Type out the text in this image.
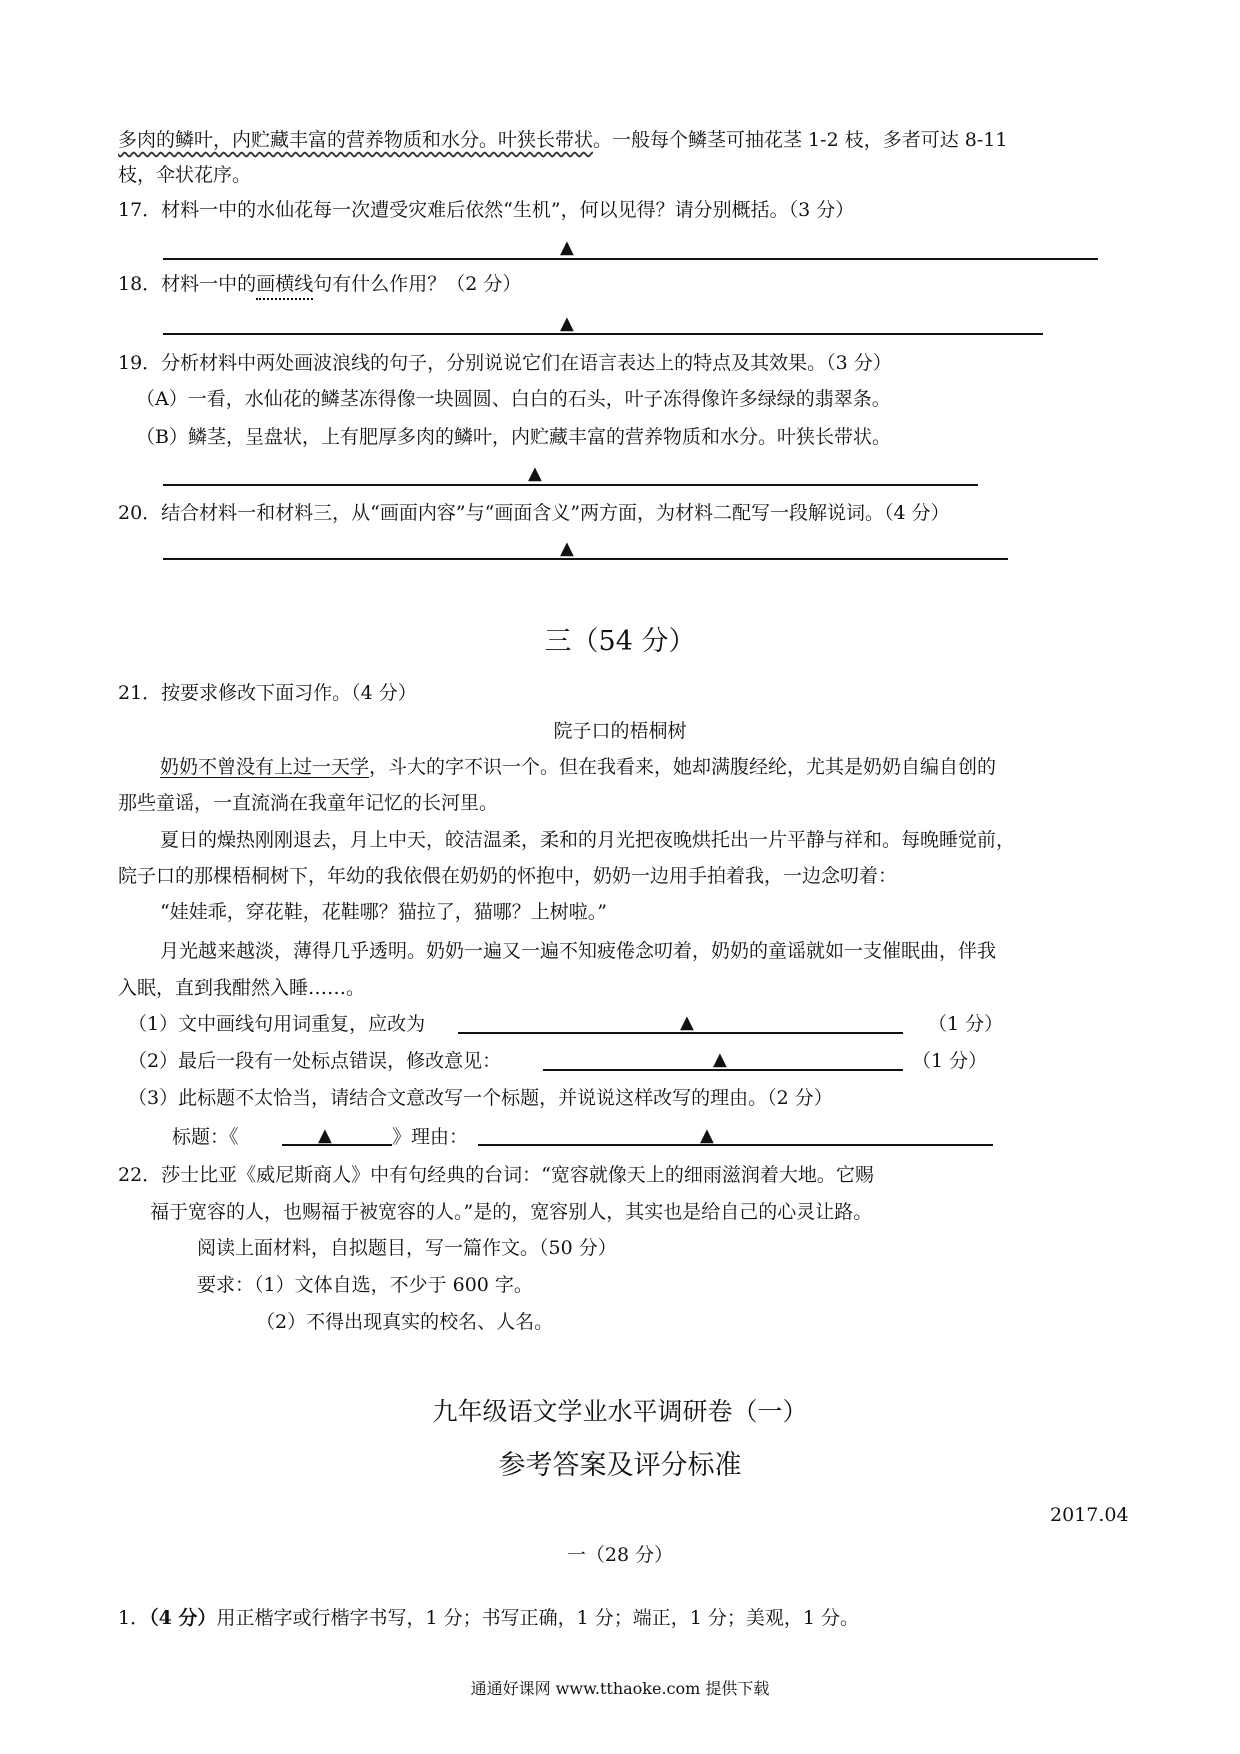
多肉的鳞叶，内贮藏丰富的营养物质和水分。叶狭长带状。一般每个鳞茎可抽花茎 1-2 枝，多者可达 8-11
枝，伞状花序。
17．材料一中的水仙花每一次遭受灾难后依然“生机”，何以见得？请分别概括。（3 分）
▲
18．材料一中的画横线句有什么作用？（2 分）
▲
19．分析材料中两处画波浪线的句子，分别说说它们在语言表达上的特点及其效果。（3 分）
（A）一看，水仙花的鳞茎冻得像一块圆圆、白白的石头，叶子冻得像许多绿绿的翡翠条。
（B）鳞茎，呈盘状，上有肥厚多肉的鳞叶，内贮藏丰富的营养物质和水分。叶狭长带状。
▲
20．结合材料一和材料三，从“画面内容”与“画面含义”两方面，为材料二配写一段解说词。（4 分）
▲
三（54 分）
21．按要求修改下面习作。（4 分）
院子口的梧桐树
奶奶不曾没有上过一天学，斗大的字不识一个。但在我看来，她却满腹经纶，尤其是奶奶自编自创的
那些童谣，一直流淌在我童年记忆的长河里。
夏日的燥热刚刚退去，月上中天，皎洁温柔，柔和的月光把夜晚烘托出一片平静与祥和。每晚睡觉前，
院子口的那棵梧桐树下，年幼的我依偎在奶奶的怀抱中，奶奶一边用手拍着我，一边念叨着：
“娃娃乖，穿花鞋，花鞋哪？猫拉了，猫哪？上树啦。”
月光越来越淡，薄得几乎透明。奶奶一遍又一遍不知疲倦念叨着，奶奶的童谣就如一支催眠曲，伴我
入眠，直到我酣然入睡……。
（1）文中画线句用词重复，应改为	▲	（1 分）
（2）最后一段有一处标点错误，修改意见：	▲	（1 分）
（3）此标题不太恰当，请结合文意改写一个标题，并说说这样改写的理由。（2 分）
标题：《	▲	》理由：	▲
22．莎士比亚《威尼斯商人》中有句经典的台词：“宽容就像天上的细雨滋润着大地。它赐
福于宽容的人，也赐福于被宽容的人。”是的，宽容别人，其实也是给自己的心灵让路。
阅读上面材料，自拟题目，写一篇作文。（50 分）
要求：（1）文体自选，不少于 600 字。
（2）不得出现真实的校名、人名。
九年级语文学业水平调研卷（一）
参考答案及评分标准
2017.04
一（28 分）
1．（4 分）用正楷字或行楷字书写，1 分；书写正确，1 分；端正，1 分；美观，1 分。
通通好课网 www.tthaoke.com 提供下载
